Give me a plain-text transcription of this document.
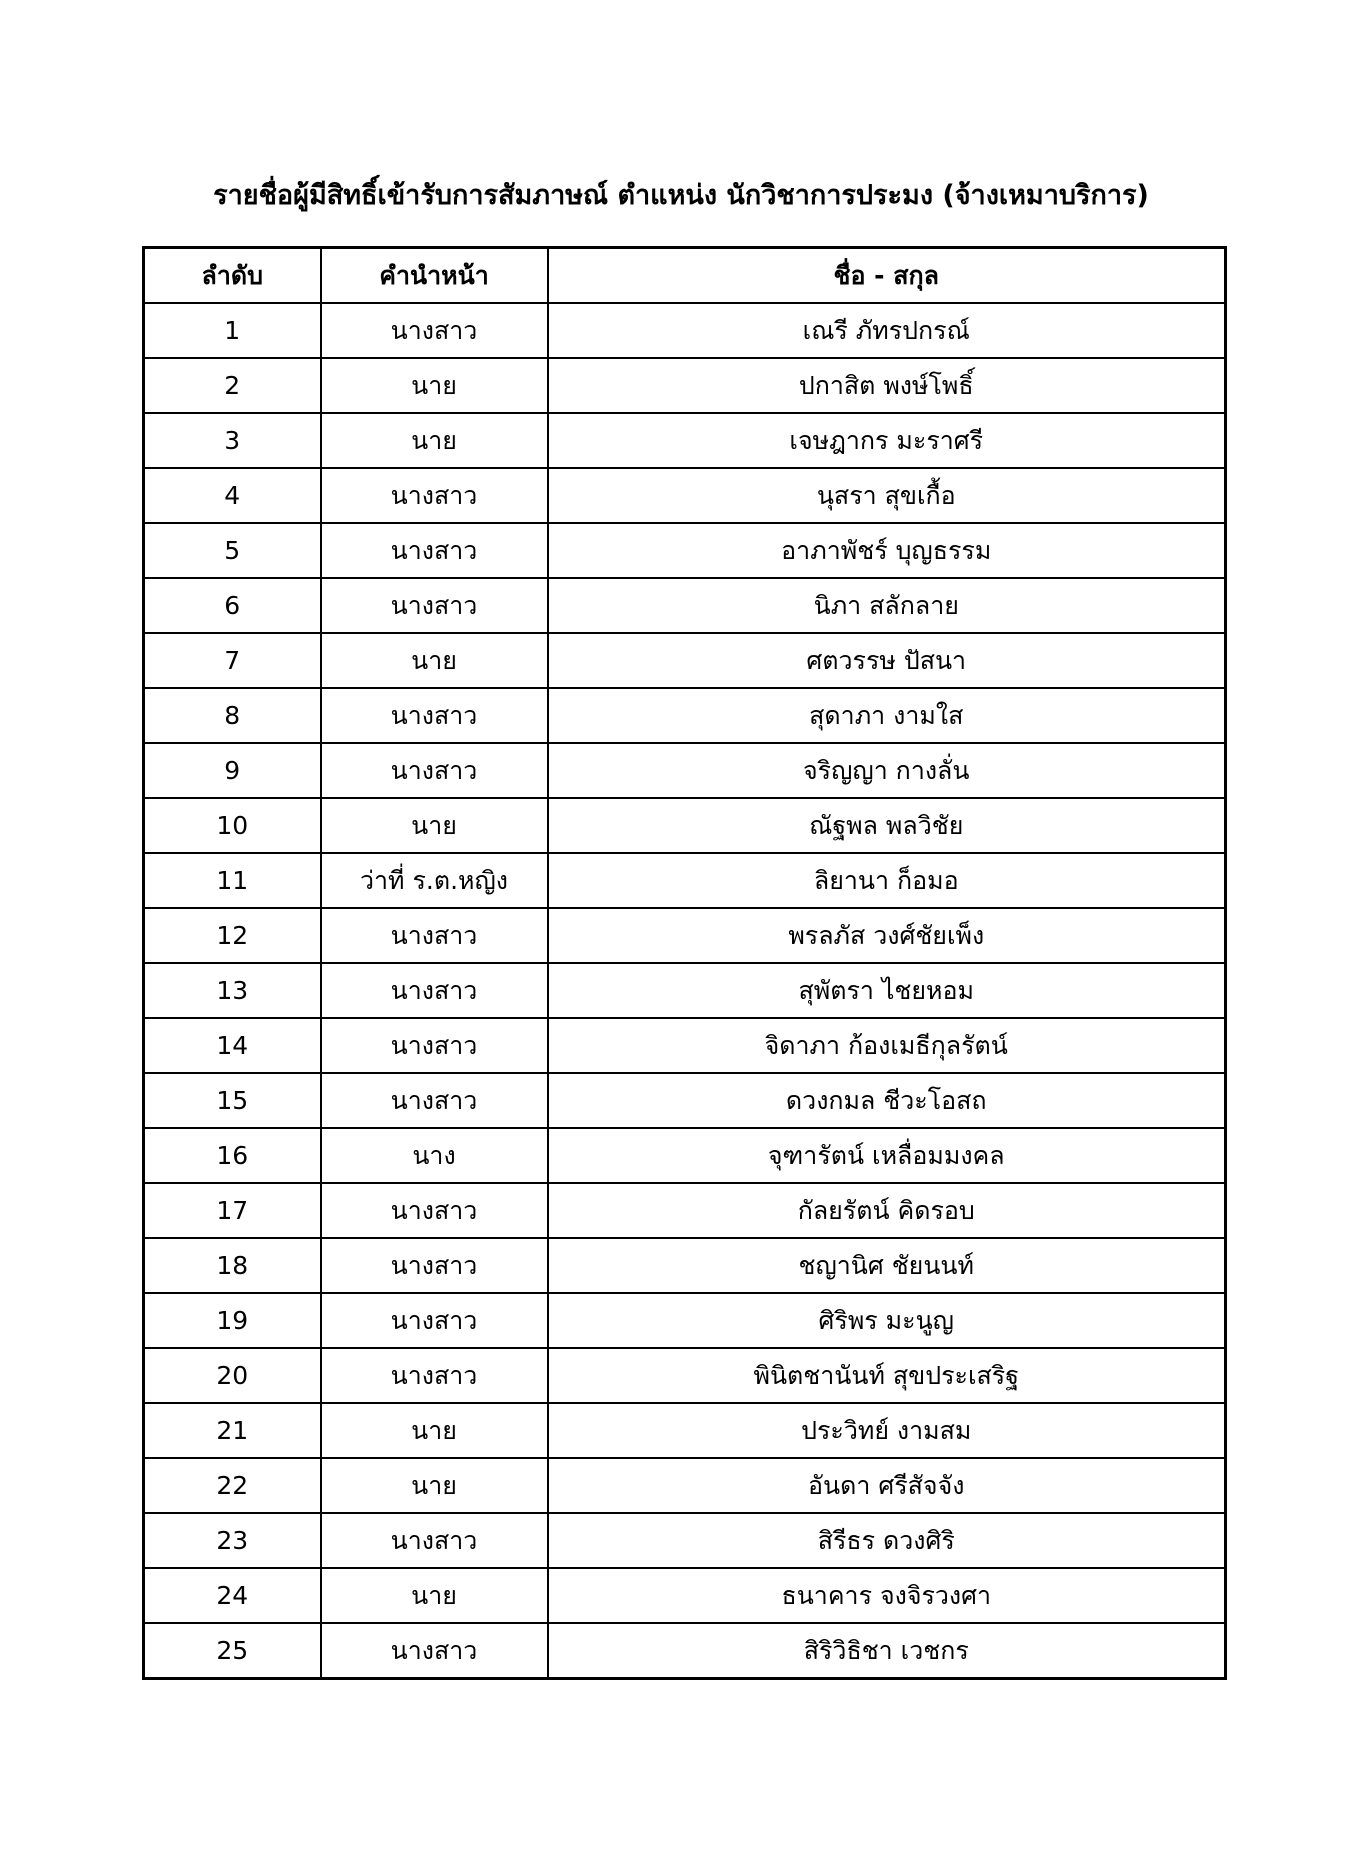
รายชื่อผู้มีสิทธิ์เข้ารับการสัมภาษณ์ ตำแหน่ง นักวิชาการประมง (จ้างเหมาบริการ)
ลำดับ	คำนำหน้า	ชื่อ - สกุล
1	นางสาว	เณรี ภัทรปกรณ์
2	นาย	ปกาสิต พงษ์โพธิ์
3	นาย	เจษฎากร มะราศรี
4	นางสาว	นุสรา สุขเกื้อ
5	นางสาว	อาภาพัชร์ บุญธรรม
6	นางสาว	นิภา สลักลาย
7	นาย	ศตวรรษ ปัสนา
8	นางสาว	สุดาภา งามใส
9	นางสาว	จริญญา กางลั่น
10	นาย	ณัฐพล พลวิชัย
11	ว่าที่ ร.ต.หญิง	ลิยานา ก็อมอ
12	นางสาว	พรลภัส วงศ์ชัยเพ็ง
13	นางสาว	สุพัตรา ไชยหอม
14	นางสาว	จิดาภา ก้องเมธีกุลรัตน์
15	นางสาว	ดวงกมล ชีวะโอสถ
16	นาง	จุฑารัตน์ เหลื่อมมงคล
17	นางสาว	กัลยรัตน์ คิดรอบ
18	นางสาว	ชญานิศ ชัยนนท์
19	นางสาว	ศิริพร มะนูญ
20	นางสาว	พินิตชานันท์ สุขประเสริฐ
21	นาย	ประวิทย์ งามสม
22	นาย	อันดา ศรีสัจจัง
23	นางสาว	สิรีธร ดวงศิริ
24	นาย	ธนาคาร จงจิรวงศา
25	นางสาว	สิริวิธิชา เวชกร
